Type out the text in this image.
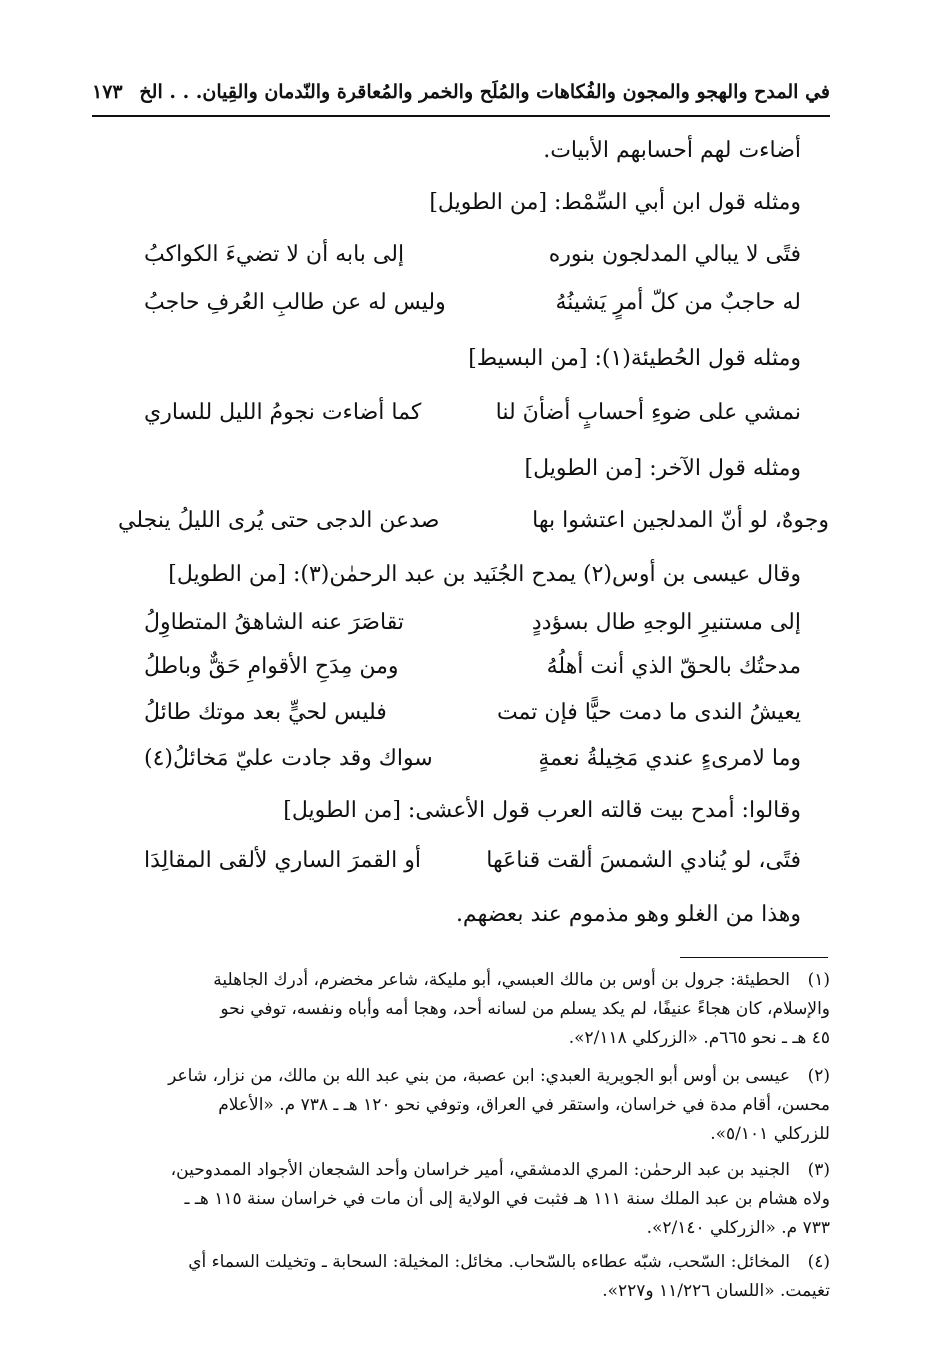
في المدح والهجو والمجون والفُكاهات والمُلَح والخمر والمُعاقرة والنّدمان والقِيان. . . الخ
١٧٣
أضاءت لهم أحسابهم الأبيات.
ومثله قول ابن أبي السِّمْط: [من الطويل]
فتًى لا يبالي المدلجون بنوره
إلى بابه أن لا تضيءَ الكواكبُ
له حاجبٌ من كلّ أمرٍ يَشينُهُ
وليس له عن طالبِ العُرفِ حاجبُ
ومثله قول الحُطيئة(١): [من البسيط]
نمشي على ضوءِ أحسابٍ أضأنَ لنا
كما أضاءت نجومُ الليل للساري
ومثله قول الآخر: [من الطويل]
وجوهٌ، لو أنّ المدلجين اعتشوا بها
صدعن الدجى حتى يُرى الليلُ ينجلي
وقال عيسى بن أوس(٢) يمدح الجُنَيد بن عبد الرحمٰن(٣): [من الطويل]
إلى مستنيرِ الوجهِ طال بسؤددٍ
تقاصَرَ عنه الشاهقُ المتطاوِلُ
مدحتُك بالحقّ الذي أنت أهلُهُ
ومن مِدَحِ الأقوامِ حَقٌّ وباطلُ
يعيشُ الندى ما دمت حيًّا فإن تمت
فليس لحيٍّ بعد موتك طائلُ
وما لامرىءٍ عندي مَخِيلةُ نعمةٍ
سواك وقد جادت عليّ مَخائلُ(٤)
وقالوا: أمدح بيت قالته العرب قول الأعشى: [من الطويل]
فتًى، لو يُنادي الشمسَ ألقت قناعَها
أو القمرَ الساري لألقى المقالِدَا
وهذا من الغلو وهو مذموم عند بعضهم.
(١)الحطيئة: جرول بن أوس بن مالك العبسي، أبو مليكة، شاعر مخضرم، أدرك الجاهلية
والإسلام، كان هجاءً عنيفًا، لم يكد يسلم من لسانه أحد، وهجا أمه وأباه ونفسه، توفي نحو
٤٥ هـ ـ نحو ٦٦٥م. «الزركلي ٢/١١٨».
(٢)عيسى بن أوس أبو الجويرية العبدي: ابن عصبة، من بني عبد الله بن مالك، من نزار، شاعر
محسن، أقام مدة في خراسان، واستقر في العراق، وتوفي نحو ١٢٠ هـ ـ ٧٣٨ م. «الأعلام
للزركلي ٥/١٠١».
(٣)الجنيد بن عبد الرحمٰن: المري الدمشقي، أمير خراسان وأحد الشجعان الأجواد الممدوحين،
ولاه هشام بن عبد الملك سنة ١١١ هـ فثبت في الولاية إلى أن مات في خراسان سنة ١١٥ هـ ـ
٧٣٣ م. «الزركلي ٢/١٤٠».
(٤)المخائل: السّحب، شبّه عطاءه بالسّحاب. مخائل: المخيلة: السحابة ـ وتخيلت السماء أي
تغيمت. «اللسان ١١/٢٢٦ و٢٢٧».
